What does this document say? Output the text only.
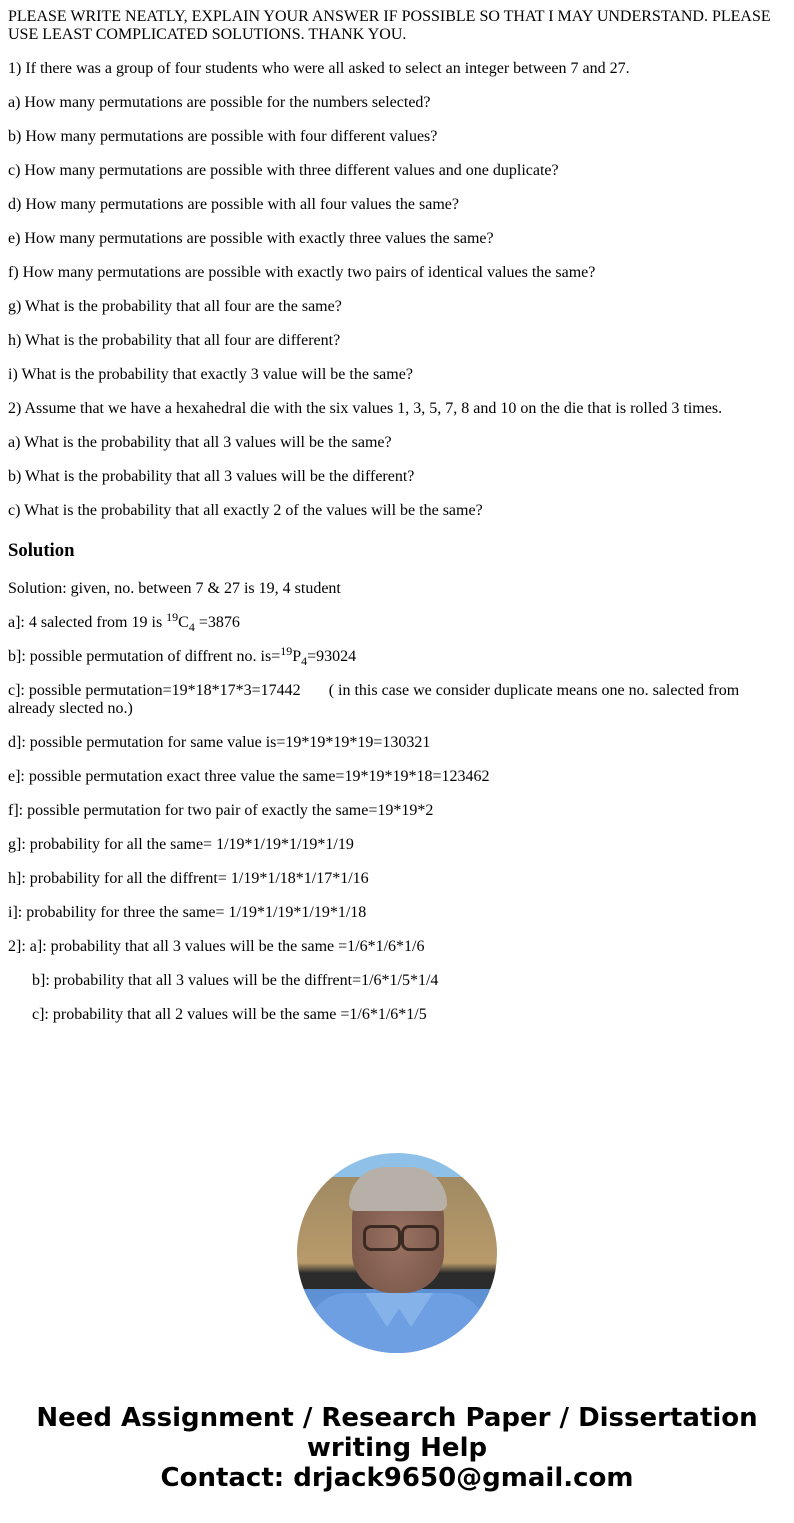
PLEASE WRITE NEATLY, EXPLAIN YOUR ANSWER IF POSSIBLE SO THAT I MAY UNDERSTAND. PLEASE USE LEAST COMPLICATED SOLUTIONS. THANK YOU.

1) If there was a group of four students who were all asked to select an integer between 7 and 27.

a) How many permutations are possible for the numbers selected?

b) How many permutations are possible with four different values?

c) How many permutations are possible with three different values and one duplicate?

d) How many permutations are possible with all four values the same?

e) How many permutations are possible with exactly three values the same?

f) How many permutations are possible with exactly two pairs of identical values the same?

g) What is the probability that all four are the same?

h) What is the probability that all four are different?

i) What is the probability that exactly 3 value will be the same?

2) Assume that we have a hexahedral die with the six values 1, 3, 5, 7, 8 and 10 on the die that is rolled 3 times.

a) What is the probability that all 3 values will be the same?

b) What is the probability that all 3 values will be the different?

c) What is the probability that all exactly 2 of the values will be the same?

Solution
Solution: given, no. between 7 & 27 is 19, 4 student
a]: 4 salected from 19 is $^{19}C_4 =3876$
b]: possible permutation of diffrent no. $is=^{19}P_4=93024$
c]: possible permutation=19*18*17*3=17442 ( in this case we consider duplicate means one no. salected from already slected no.)
d]: possible permutation for same value is=19*19*19*19=130321
e]: possible permutation exact three value the same=19*19*19*18=123462
f]: possible permutation for two pair of exactly the same=19*19*2
g]: probability for all the same= 1/19*1/19*1/19*1/19
h]: probability for all the diffrent= 1/19*1/18*1/17*1/16
i]: probability for three the same= 1/19*1/19*1/19*1/18
2]: a]: probability that all 3 values will be the same =1/6*1/6*1/6
b]: probability that all 3 values will be the diffrent=1/6*1/5*1/4
c]: probability that all 2 values will be the same =1/6*1/6*1/5
Need Assignment / Research Paper / Dissertation
writing Help
Contact: drjack9650@gmail.com
